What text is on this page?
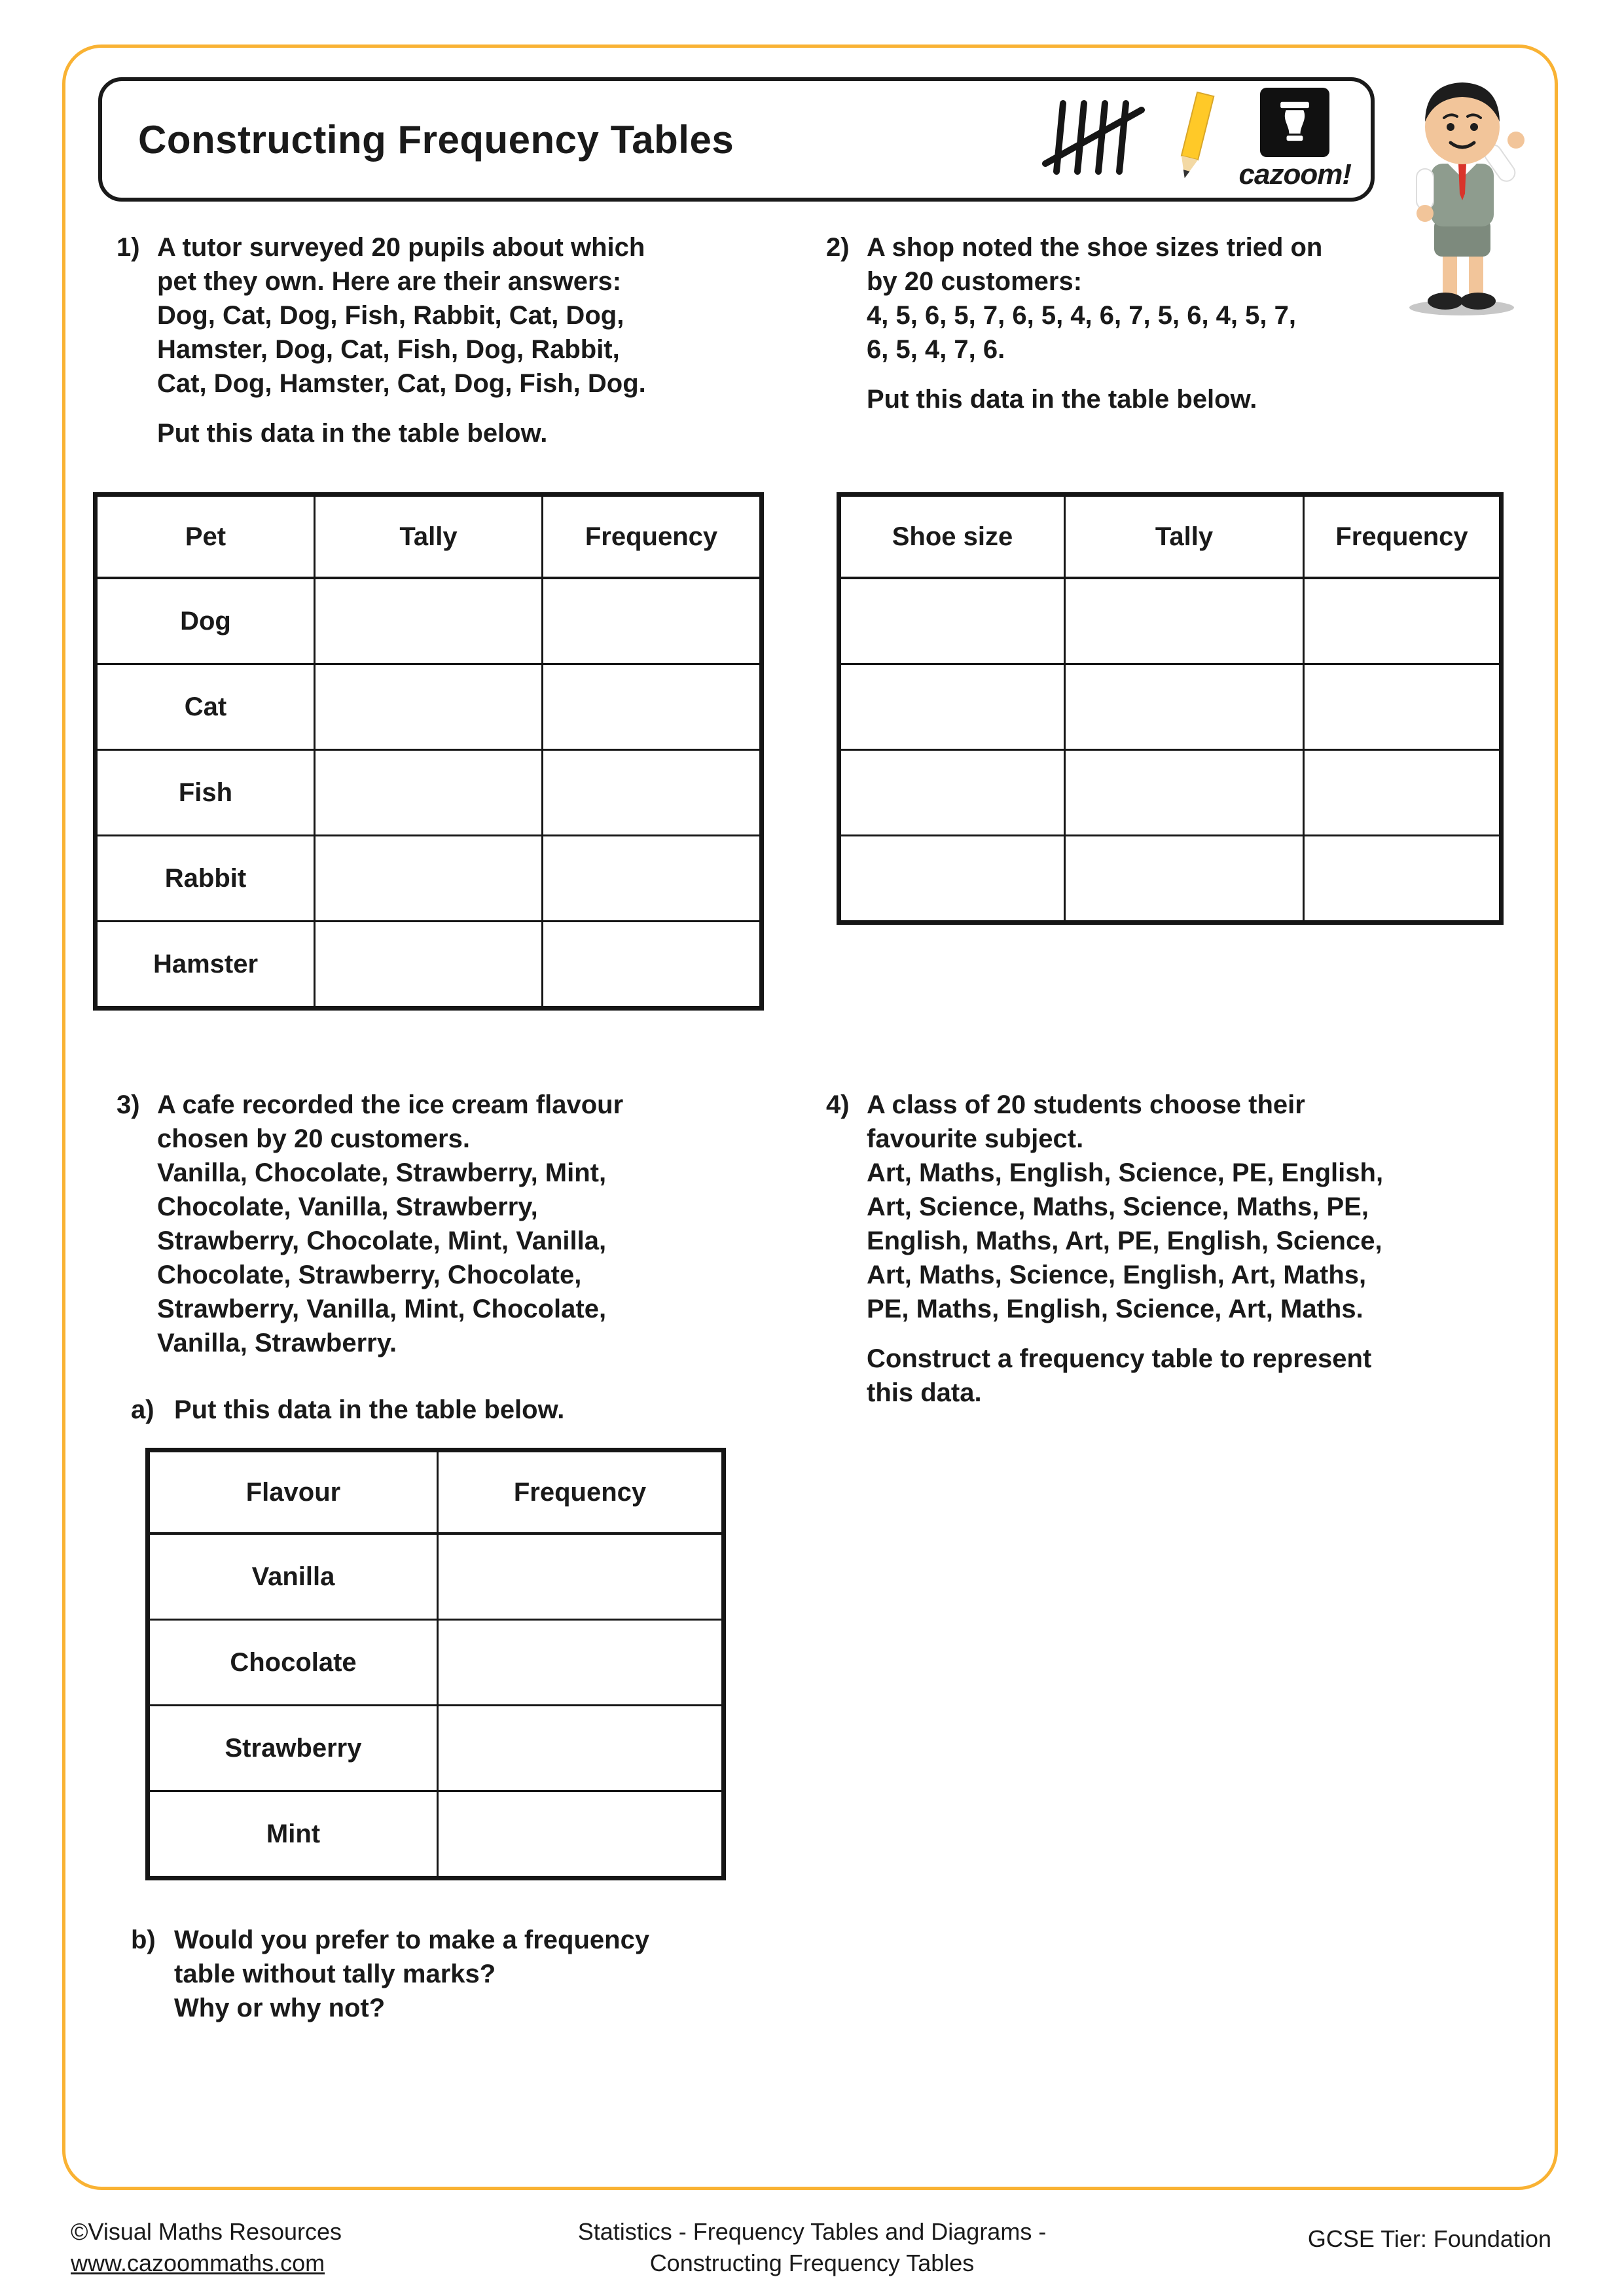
Constructing Frequency Tables
cazoom!
1) A tutor surveyed 20 pupils about which
pet they own. Here are their answers:
Dog, Cat, Dog, Fish, Rabbit, Cat, Dog,
Hamster, Dog, Cat, Fish, Dog, Rabbit,
Cat, Dog, Hamster, Cat, Dog, Fish, Dog.
Put this data in the table below.
2) A shop noted the shoe sizes tried on
by 20 customers:
4, 5, 6, 5, 7, 6, 5, 4, 6, 7, 5, 6, 4, 5, 7,
6, 5, 4, 7, 6.
Put this data in the table below.
Pet	Tally	Frequency
Dog		
Cat		
Fish		
Rabbit		
Hamster		
Shoe size	Tally	Frequency

3) A cafe recorded the ice cream flavour
chosen by 20 customers.
Vanilla, Chocolate, Strawberry, Mint,
Chocolate, Vanilla, Strawberry,
Strawberry, Chocolate, Mint, Vanilla,
Chocolate, Strawberry, Chocolate,
Strawberry, Vanilla, Mint, Chocolate,
Vanilla, Strawberry.
a) Put this data in the table below.
Flavour	Frequency
Vanilla	
Chocolate	
Strawberry	
Mint	
b) Would you prefer to make a frequency
table without tally marks?
Why or why not?
4) A class of 20 students choose their
favourite subject.
Art, Maths, English, Science, PE, English,
Art, Science, Maths, Science, Maths, PE,
English, Maths, Art, PE, English, Science,
Art, Maths, Science, English, Art, Maths,
PE, Maths, English, Science, Art, Maths.
Construct a frequency table to represent
this data.
©Visual Maths Resources
www.cazoommaths.com
Statistics - Frequency Tables and Diagrams -
Constructing Frequency Tables
GCSE Tier: Foundation
